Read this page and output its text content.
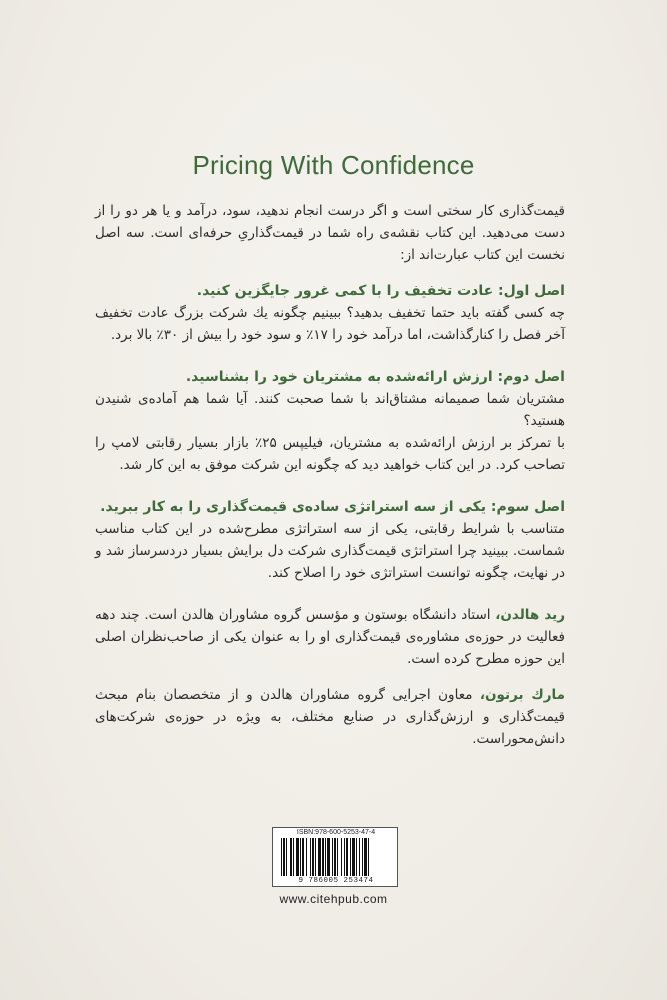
Pricing With Confidence

قیمت‌گذاری کار سختی است و اگر درست انجام ندهید، سود، درآمد و یا هر دو را از دست می‌دهید. این کتاب نقشه‌ی راه شما در قیمت‌گذاریِ حرفه‌ای است. سه اصل نخست این کتاب عبارت‌اند از:

اصل اول: عادت تخفیف را با کمی غرور جایگزین کنید.

چه کسی گفته باید حتما تخفیف بدهید؟ ببینیم چگونه یك شرکت بزرگ عادت تخفیف آخر فصل را کنار‌گذاشت، اما درآمد خود را ۱۷٪ و سود خود را بیش از ۳۰٪ بالا برد.

اصل دوم: ارزش ارائه‌شده به مشتریان خود را بشناسید.

مشتریان شما صمیمانه مشتاق‌اند با شما صحبت کنند. آیا شما هم آماده‌ی شنیدن هستید؟

با تمرکز بر ارزش ارائه‌شده به مشتریان، فیلیپس ۲۵٪ بازار بسیار رقابتی لامپ را تصاحب کرد. در این کتاب خواهید دید که چگونه این شرکت موفق به این کار شد.

اصل سوم: یکی از سه استراتژی ساده‌ی قیمت‌گذاری را به کار ببرید.

متناسب با شرایط رقابتی، یکی از سه استراتژی مطرح‌شده در این کتاب مناسب شماست. ببینید چرا استراتژی قیمت‌گذاری شرکت دل برایش بسیار دردسرساز شد و در نهایت، چگونه توانست استراتژی خود را اصلاح کند.

رید هالدن، استاد دانشگاه بوستون و مؤسس گروه مشاوران هالدن است. چند دهه فعالیت در حوزه‌ی مشاوره‌ی قیمت‌گذاری او را به عنوان یکی از صاحب‌نظران اصلی این حوزه مطرح کرده است.

مارك برتون، معاون اجرایی گروه مشاوران هالدن و از متخصصان بنام مبحث قیمت‌گذاری و ارزش‌گذاری در صنایع مختلف، به ویژه در حوزه‌ی شرکت‌های دانش‌محوراست.

ISBN:978-600-5253-47-4
9 786005 253474
www.citehpub.com
